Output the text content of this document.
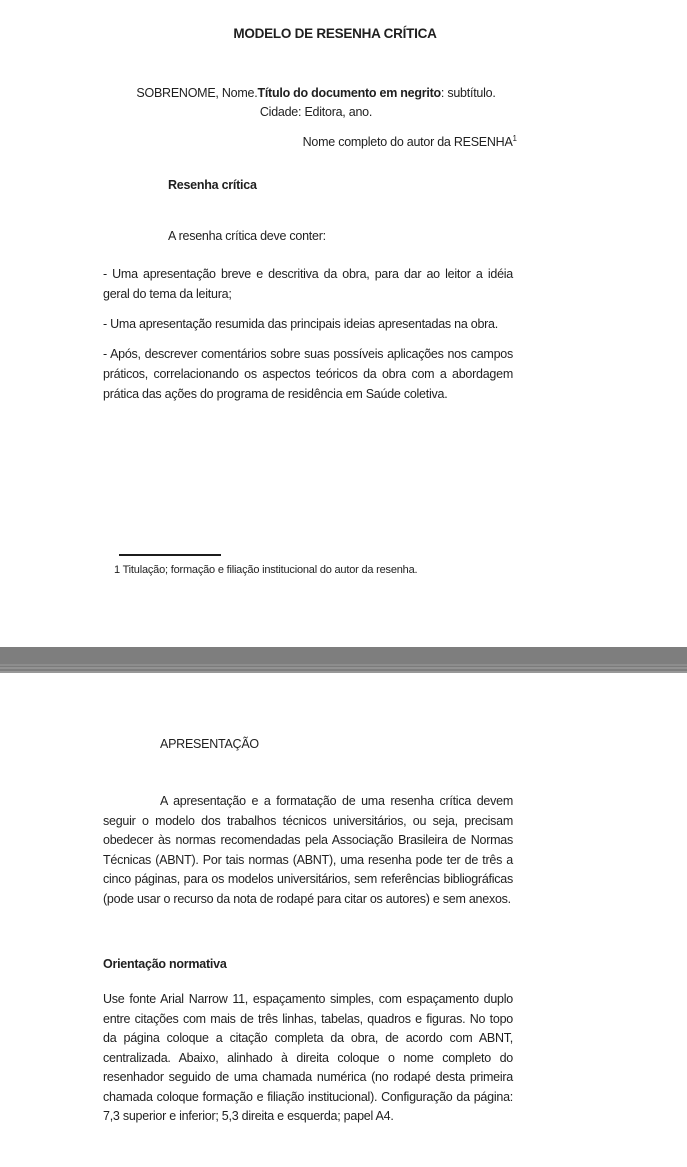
MODELO DE RESENHA CRÍTICA
SOBRENOME, Nome.Título do documento em negrito: subtítulo.
Cidade: Editora, ano.
Nome completo do autor da RESENHA$^1$
Resenha crítica
A resenha crítica deve conter:

- Uma apresentação breve e descritiva da obra, para dar ao leitor a idéia geral do tema da leitura;

- Uma apresentação resumida das principais ideias apresentadas na obra.

- Após, descrever comentários sobre suas possíveis aplicações nos campos práticos, correlacionando os aspectos teóricos da obra com a abordagem prática das ações do programa de residência em Saúde coletiva.

1 Titulação; formação e filiação institucional do autor da resenha.
APRESENTAÇÃO
A apresentação e a formatação de uma resenha crítica devem seguir o modelo dos trabalhos técnicos universitários, ou seja, precisam obedecer às normas recomendadas pela Associação Brasileira de Normas Técnicas (ABNT). Por tais normas (ABNT), uma resenha pode ter de três a cinco páginas, para os modelos universitários, sem referências bibliográficas (pode usar o recurso da nota de rodapé para citar os autores) e sem anexos.
Orientação normativa
Use fonte Arial Narrow 11, espaçamento simples, com espaçamento duplo entre citações com mais de três linhas, tabelas, quadros e figuras. No topo da página coloque a citação completa da obra, de acordo com ABNT, centralizada. Abaixo, alinhado à direita coloque o nome completo do resenhador seguido de uma chamada numérica (no rodapé desta primeira chamada coloque formação e filiação institucional). Configuração da página: 7,3 superior e inferior; 5,3 direita e esquerda; papel A4.
